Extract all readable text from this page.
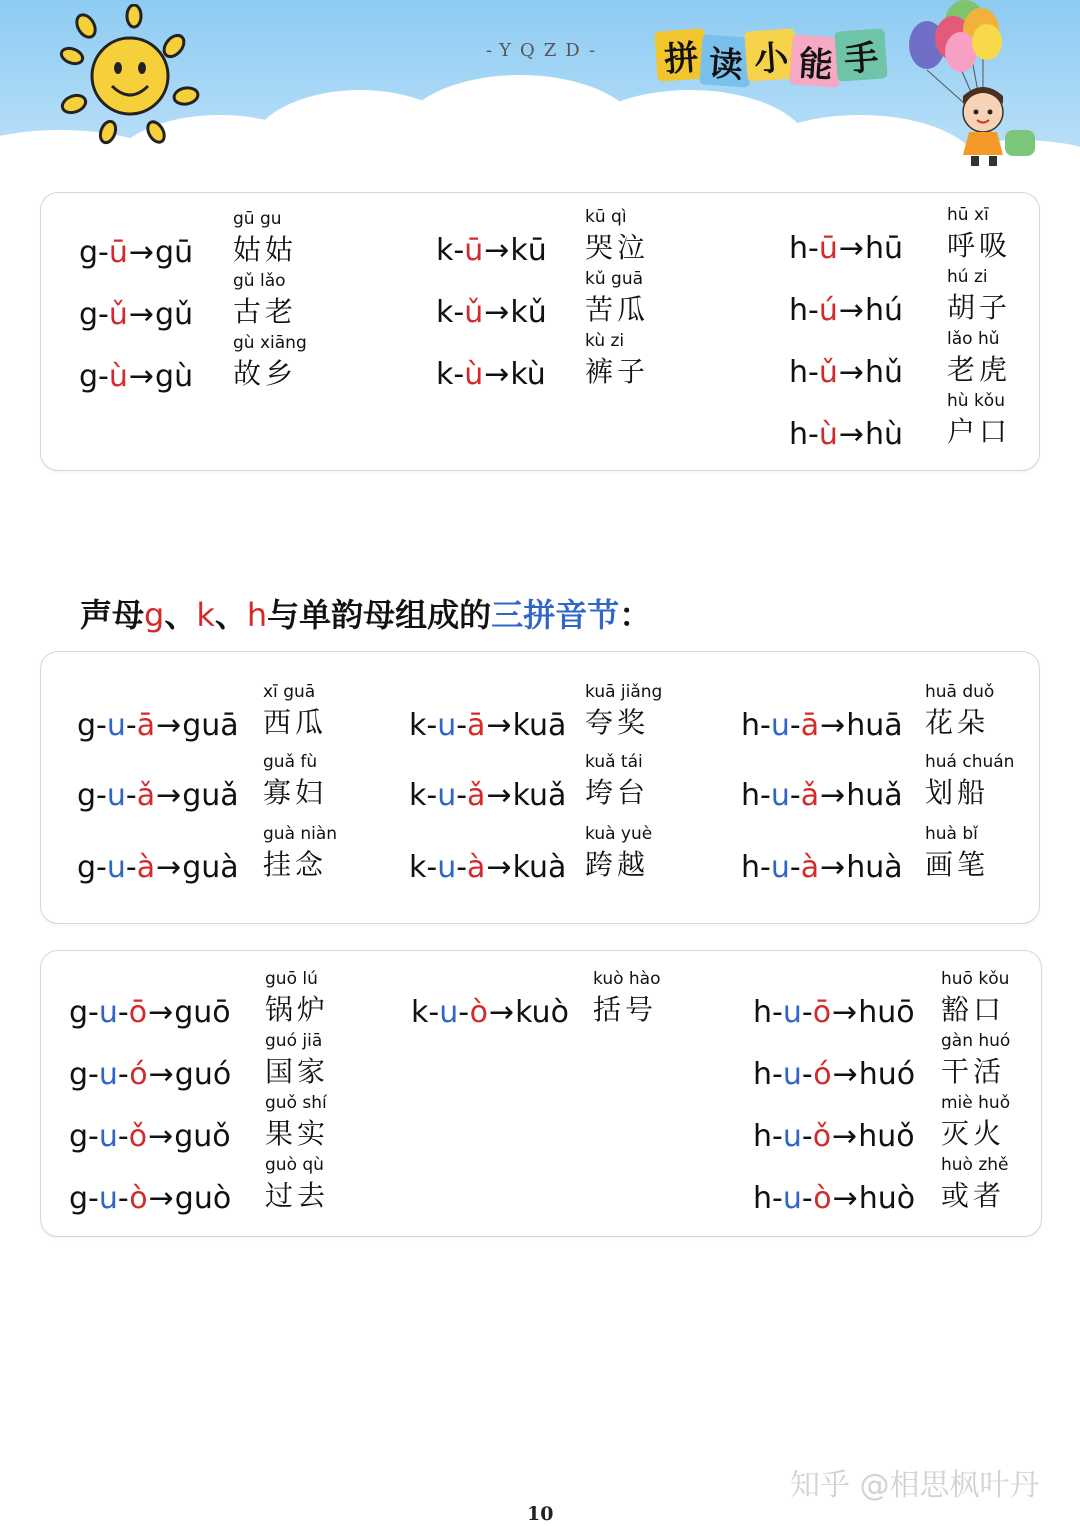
-YQZD- 拼 读 小 能 手
g-ū→gū
gū gu
姑姑
g-ǔ→gǔ
gǔ lǎo
古老
g-ù→gù
gù xiāng
故乡
k-ū→kū
kū qì
哭泣
k-ǔ→kǔ
kǔ guā
苦瓜
k-ù→kù
kù zi
裤子
h-ū→hū
hū xī
呼吸
h-ú→hú
hú zi
胡子
h-ǔ→hǔ
lǎo hǔ
老虎
h-ù→hù
hù kǒu
户口
声母g、k、h与单韵母组成的三拼音节：
g-u-ā→guā
xī guā
西瓜
g-u-ǎ→guǎ
guǎ fù
寡妇
g-u-à→guà
guà niàn
挂念
k-u-ā→kuā
kuā jiǎng
夸奖
k-u-ǎ→kuǎ
kuǎ tái
垮台
k-u-à→kuà
kuà yuè
跨越
h-u-ā→huā
huā duǒ
花朵
h-u-ǎ→huǎ
huá chuán
划船
h-u-à→huà
huà bǐ
画笔
g-u-ō→guō
guō lú
锅炉
g-u-ó→guó
guó jiā
国家
g-u-ǒ→guǒ
guǒ shí
果实
g-u-ò→guò
guò qù
过去
k-u-ò→kuò
kuò hào
括号	h-u-ō→huō
huō kǒu
豁口
h-u-ó→huó
gàn huó
干活
h-u-ǒ→huǒ
miè huǒ
灭火
h-u-ò→huò
huò zhě
或者
10
知乎 @相思枫叶丹
